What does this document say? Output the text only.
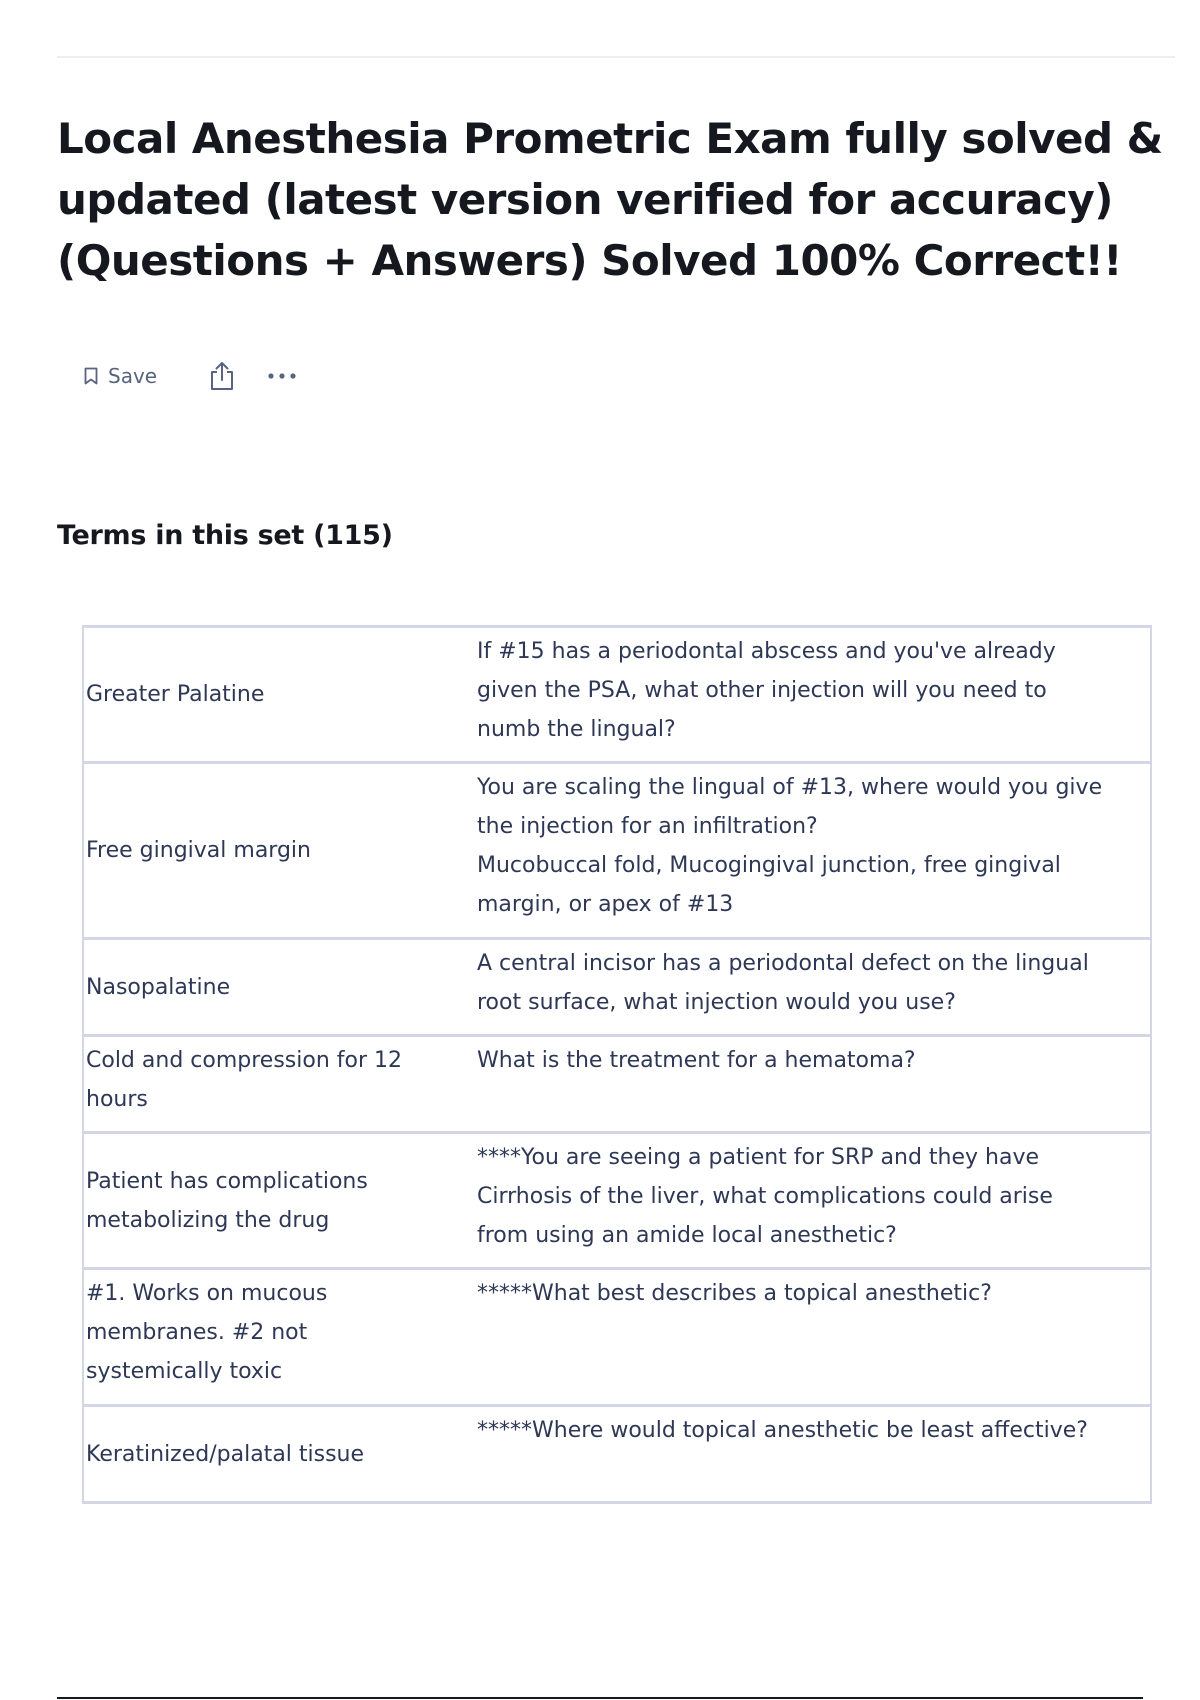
Local Anesthesia Prometric Exam fully solved & updated (latest version verified for accuracy) (Questions + Answers) Solved 100% Correct!!
Save
Terms in this set (115)
Greater Palatine	If #15 has a periodontal abscess and you've already given the PSA, what other injection will you need to numb the lingual?
Free gingival margin	You are scaling the lingual of #13, where would you give the injection for an infiltration?
Mucobuccal fold, Mucogingival junction, free gingival margin, or apex of #13

Nasopalatine	A central incisor has a periodontal defect on the lingual root surface, what injection would you use?
Cold and compression for 12 hours	What is the treatment for a hematoma?
Patient has complications metabolizing the drug	****You are seeing a patient for SRP and they have Cirrhosis of the liver, what complications could arise from using an amide local anesthetic?
#1. Works on mucous membranes. #2 not systemically toxic	*****What best describes a topical anesthetic?
Keratinized/palatal tissue	*****Where would topical anesthetic be least affective?
